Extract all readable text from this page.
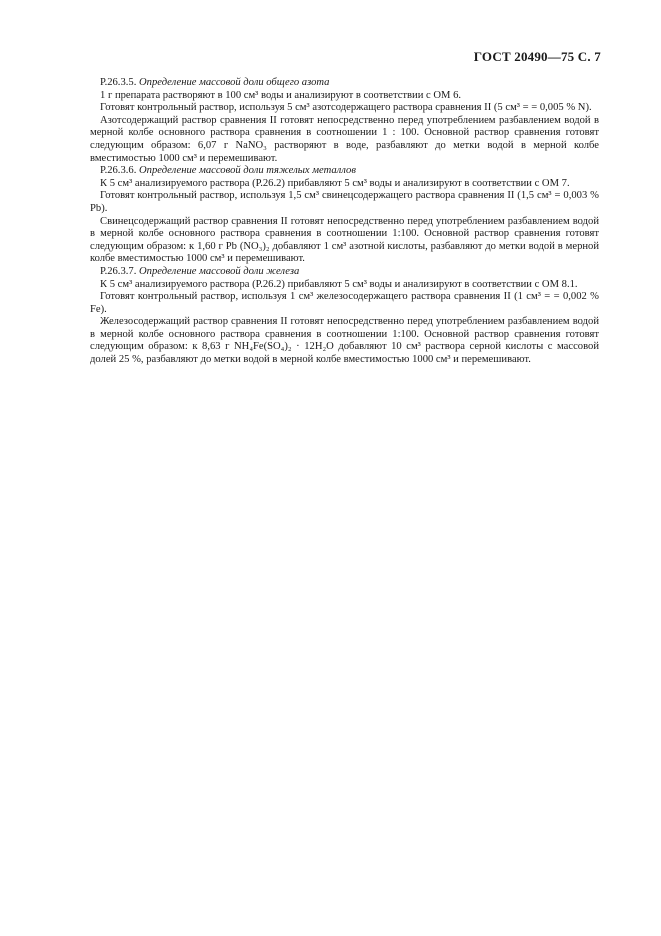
ГОСТ 20490—75 С. 7

Р.26.3.5. Определение массовой доли общего азота

1 г препарата растворяют в 100 см³ воды и анализируют в соответствии с ОМ 6.

Готовят контрольный раствор, используя 5 см³ азотсодержащего раствора сравнения II (5 см³ = = 0,005 % N).

Азотсодержащий раствор сравнения II готовят непосредственно перед употреблением разбавлением водой в мерной колбе основного раствора сравнения в соотношении 1 : 100. Основной раствор сравнения готовят следующим образом: 6,07 г NaNO₃ растворяют в воде, разбавляют до метки водой в мерной колбе вместимостью 1000 см³ и перемешивают.

Р.26.3.6. Определение массовой доли тяжелых металлов

К 5 см³ анализируемого раствора (Р.26.2) прибавляют 5 см³ воды и анализируют в соответствии с ОМ 7.

Готовят контрольный раствор, используя 1,5 см³ свинецсодержащего раствора сравнения II (1,5 см³ = 0,003 % Pb).

Свинецсодержащий раствор сравнения II готовят непосредственно перед употреблением разбавлением водой в мерной колбе основного раствора сравнения в соотношении 1:100. Основной раствор сравнения готовят следующим образом: к 1,60 г Pb (NO₃)₂ добавляют 1 см³ азотной кислоты, разбавляют до метки водой в мерной колбе вместимостью 1000 см³ и перемешивают.

Р.26.3.7. Определение массовой доли железа

К 5 см³ анализируемого раствора (Р.26.2) прибавляют 5 см³ воды и анализируют в соответствии с ОМ 8.1.

Готовят контрольный раствор, используя 1 см³ железосодержащего раствора сравнения II (1 см³ = = 0,002 % Fe).

Железосодержащий раствор сравнения II готовят непосредственно перед употреблением разбавлением водой в мерной колбе основного раствора сравнения в соотношении 1:100. Основной раствор сравнения готовят следующим образом: к 8,63 г NH₄Fe(SO₄)₂ · 12H₂O добавляют 10 см³ раствора серной кислоты с массовой долей 25 %, разбавляют до метки водой в мерной колбе вместимостью 1000 см³ и перемешивают.
